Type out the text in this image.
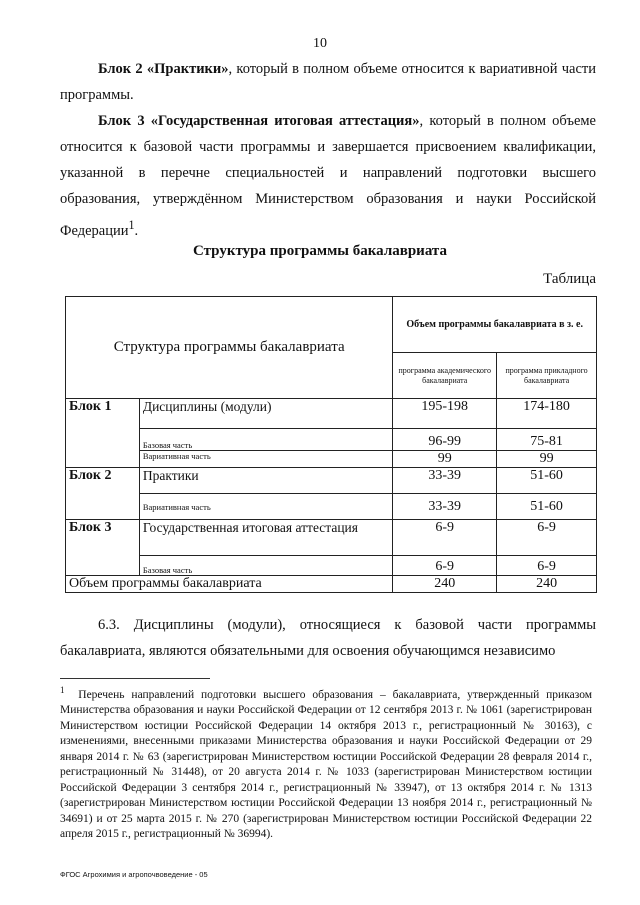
10
Блок 2 «Практики», который в полном объеме относится к вариативной части программы.
Блок 3 «Государственная итоговая аттестация», который в полном объеме относится к базовой части программы и завершается присвоением квалификации, указанной в перечне специальностей и направлений подготовки высшего образования, утверждённом Министерством образования и науки Российской Федерации$^1$.
Структура программы бакалавриата
Таблица
Структура программы бакалавриата		Объем программы бакалавриата в з. е.	
		программа академического бакалавриата	программа прикладного бакалавриата
Блок 1	Дисциплины (модули)	195-198	174-180
	Базовая часть	96-99	75-81
	Вариативная часть	99	99
Блок 2	Практики	33-39	51-60
	Вариативная часть	33-39	51-60
Блок 3	Государственная итоговая аттестация	6-9	6-9
	Базовая часть	6-9	6-9
Объем программы бакалавриата		240	240
6.3. Дисциплины (модули), относящиеся к базовой части программы бакалавриата, являются обязательными для освоения обучающимся независимо
$^1$ Перечень направлений подготовки высшего образования – бакалавриата, утвержденный приказом Министерства образования и науки Российской Федерации от 12 сентября 2013 г. № 1061 (зарегистрирован Министерством юстиции Российской Федерации 14 октября 2013 г., регистрационный № 30163), с изменениями, внесенными приказами Министерства образования и науки Российской Федерации от 29 января 2014 г. № 63 (зарегистрирован Министерством юстиции Российской Федерации 28 февраля 2014 г., регистрационный № 31448), от 20 августа 2014 г. № 1033 (зарегистрирован Министерством юстиции Российской Федерации 3 сентября 2014 г., регистрационный № 33947), от 13 октября 2014 г. № 1313 (зарегистрирован Министерством юстиции Российской Федерации 13 ноября 2014 г., регистрационный № 34691) и от 25 марта 2015 г. № 270 (зарегистрирован Министерством юстиции Российской Федерации 22 апреля 2015 г., регистрационный № 36994).
ФГОС Агрохимия и агропочвоведение - 05
